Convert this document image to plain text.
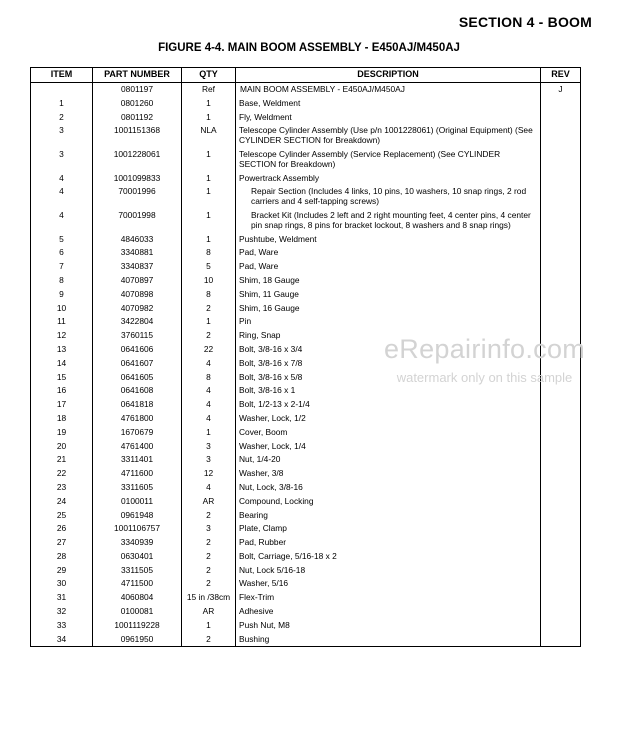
SECTION 4 - BOOM
FIGURE 4-4. MAIN BOOM ASSEMBLY - E450AJ/M450AJ
ITEM	PART NUMBER	QTY	DESCRIPTION	REV
	0801197	Ref	MAIN BOOM ASSEMBLY - E450AJ/M450AJ	J
1	0801260	1	Base, Weldment	
2	0801192	1	Fly, Weldment	
3	1001151368	NLA	Telescope Cylinder Assembly (Use p/n 1001228061) (Original Equipment) (See CYLINDER SECTION for Breakdown)	
3	1001228061	1	Telescope Cylinder Assembly (Service Replacement) (See CYLINDER SECTION for Breakdown)	
4	1001099833	1	Powertrack Assembly	
4	70001996	1	Repair Section (Includes 4 links, 10 pins, 10 washers, 10 snap rings, 2 rod carriers and 4 self-tapping screws)	
4	70001998	1	Bracket Kit (Includes 2 left and 2 right mounting feet, 4 center pins, 4 center pin snap rings, 8 pins for bracket lockout, 8 washers and 8 snap rings)	
5	4846033	1	Pushtube, Weldment	
6	3340881	8	Pad, Ware	
7	3340837	5	Pad, Ware	
8	4070897	10	Shim, 18 Gauge	
9	4070898	8	Shim, 11 Gauge	
10	4070982	2	Shim, 16 Gauge	
11	3422804	1	Pin	
12	3760115	2	Ring, Snap	
13	0641606	22	Bolt, 3/8-16 x 3/4	
14	0641607	4	Bolt, 3/8-16 x 7/8	
15	0641605	8	Bolt, 3/8-16 x 5/8	
16	0641608	4	Bolt, 3/8-16 x 1	
17	0641818	4	Bolt, 1/2-13 x 2-1/4	
18	4761800	4	Washer, Lock, 1/2	
19	1670679	1	Cover, Boom	
20	4761400	3	Washer, Lock, 1/4	
21	3311401	3	Nut, 1/4-20	
22	4711600	12	Washer, 3/8	
23	3311605	4	Nut, Lock, 3/8-16	
24	0100011	AR	Compound, Locking	
25	0961948	2	Bearing	
26	1001106757	3	Plate, Clamp	
27	3340939	2	Pad, Rubber	
28	0630401	2	Bolt, Carriage, 5/16-18 x 2	
29	3311505	2	Nut, Lock 5/16-18	
30	4711500	2	Washer, 5/16	
31	4060804	15 in /38cm	Flex-Trim	
32	0100081	AR	Adhesive	
33	1001119228	1	Push Nut, M8	
34	0961950	2	Bushing	
eRepairinfo.com
watermark only on this sample
